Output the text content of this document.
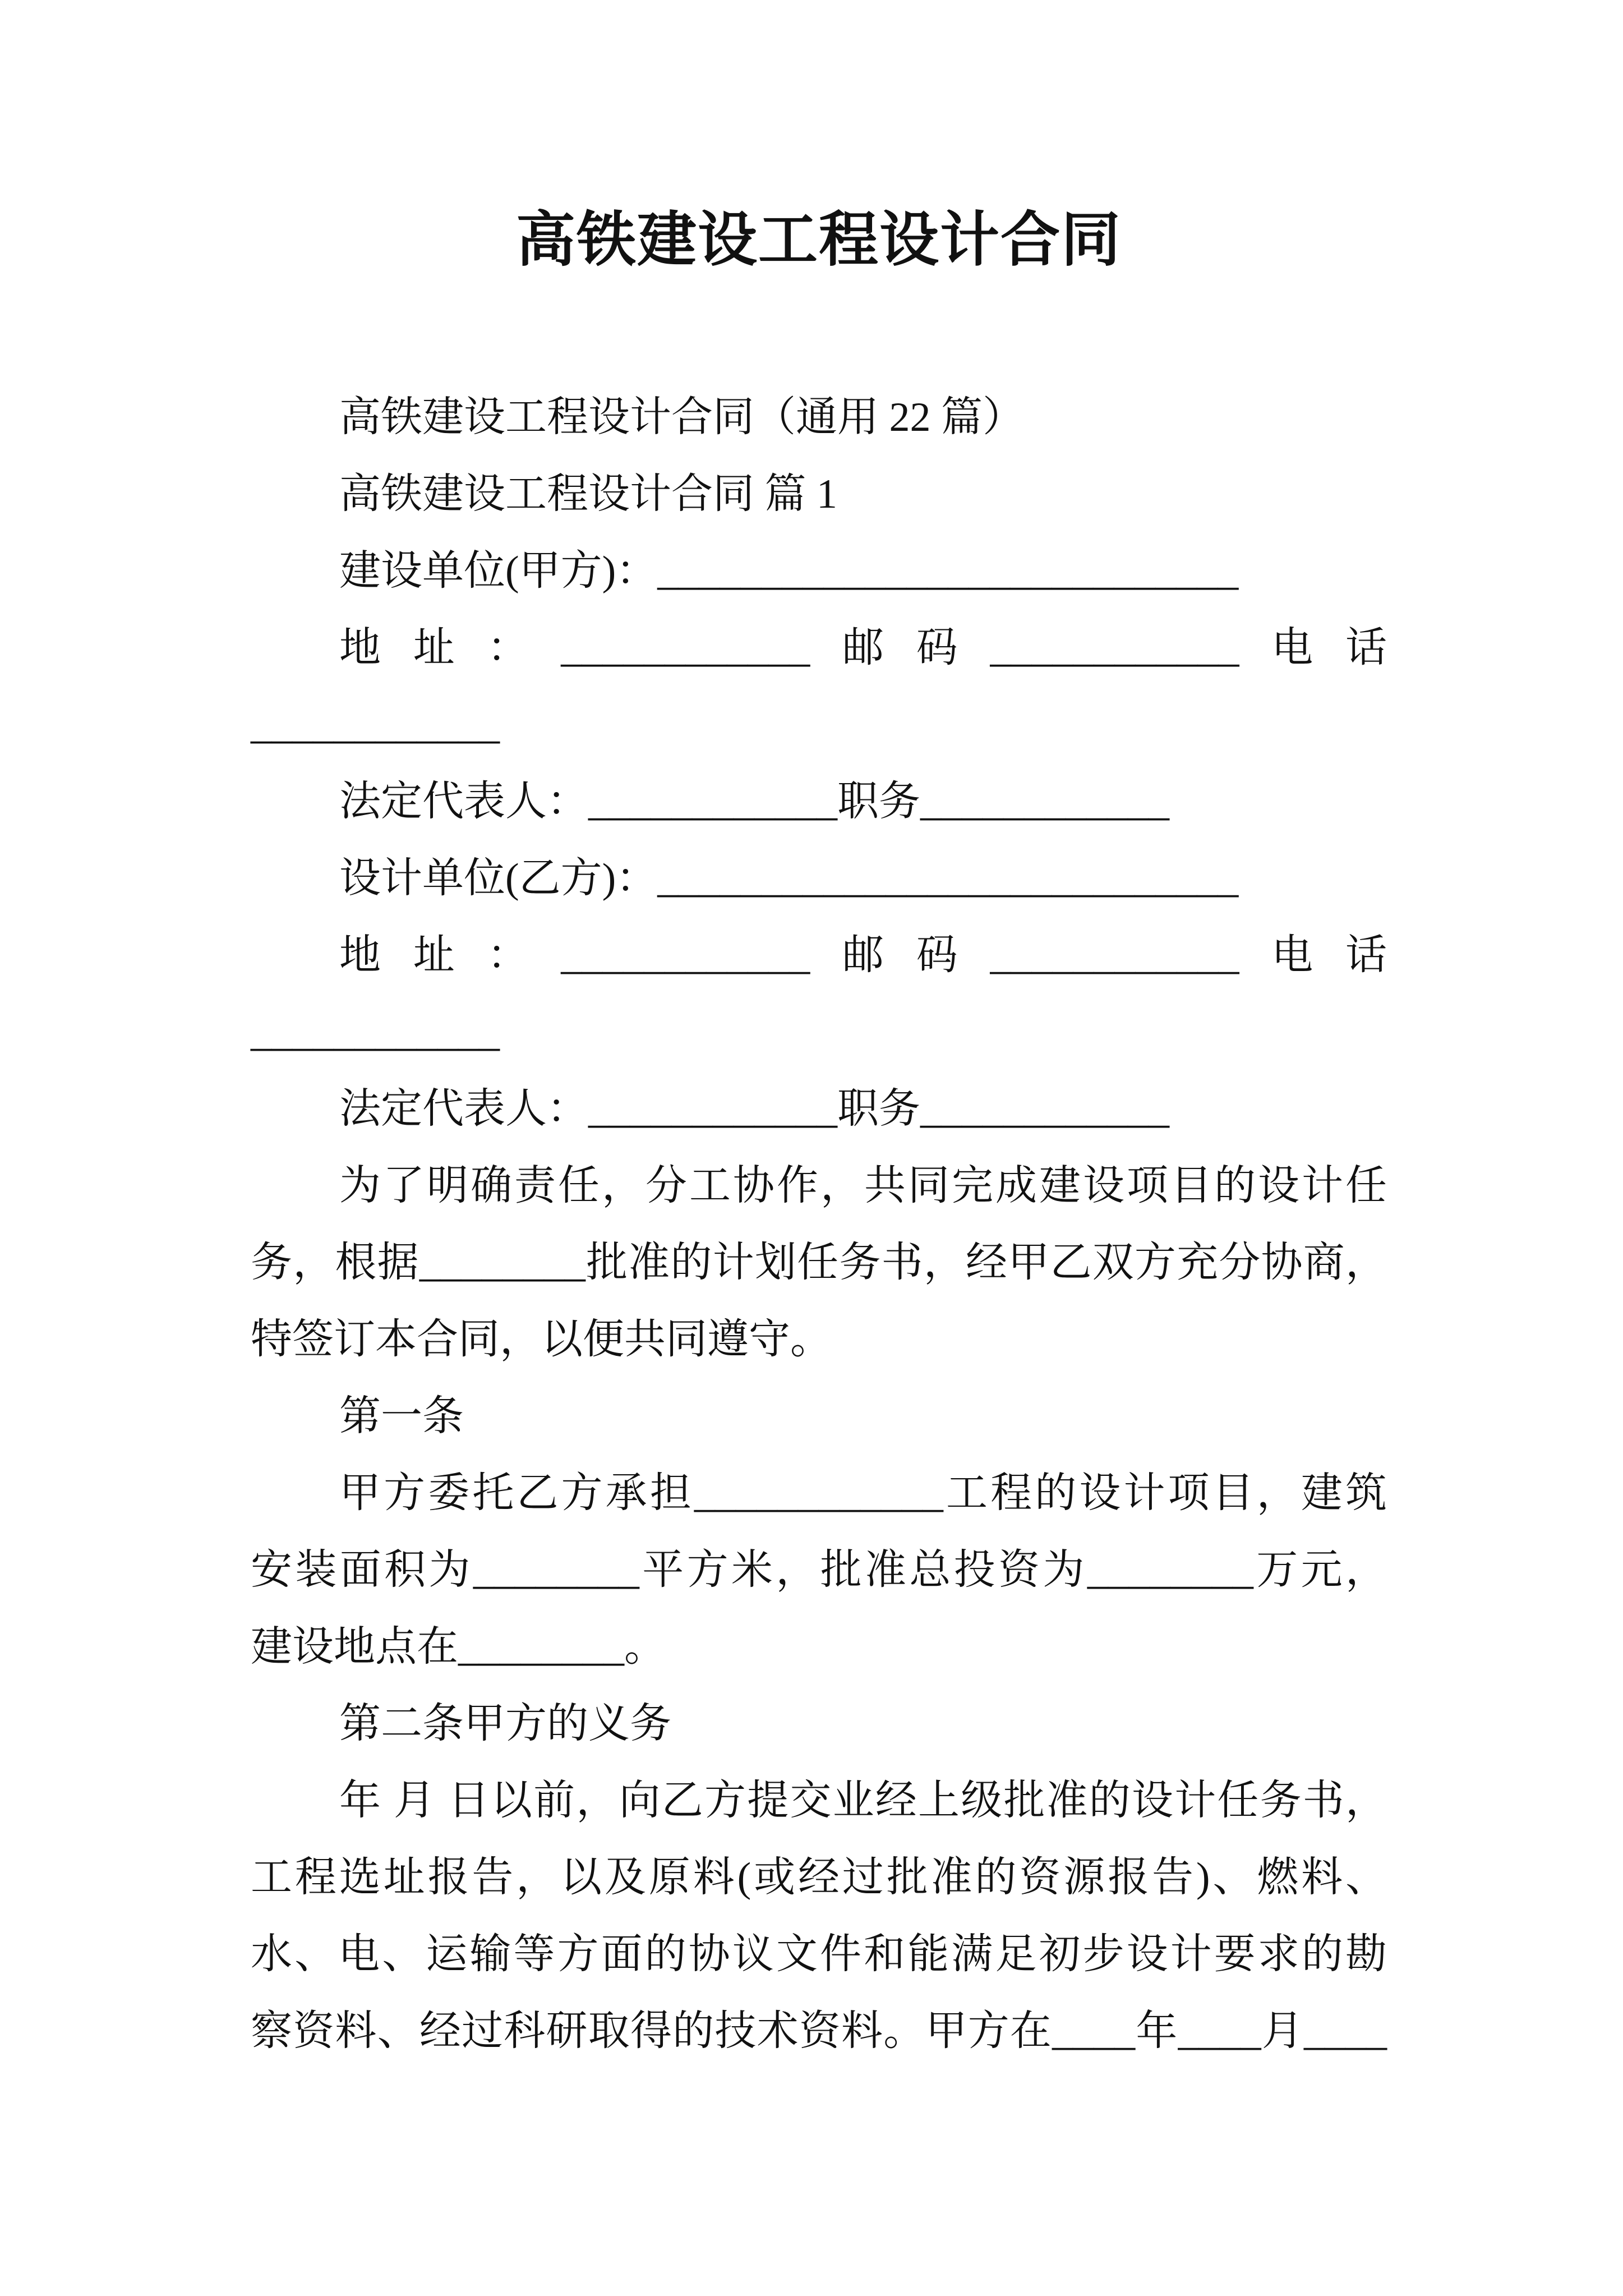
高铁建设工程设计合同
高铁建设工程设计合同（通用 22 篇）
高铁建设工程设计合同 篇 1
建设单位(甲方)：____________________________
地址：____________邮码____________电话
____________
法定代表人：____________职务____________
设计单位(乙方)：____________________________
地址：____________邮码____________电话
____________
法定代表人：____________职务____________
为了明确责任，分工协作，共同完成建设项目的设计任
务，根据________批准的计划任务书，经甲乙双方充分协商，
特签订本合同，以便共同遵守。
第一条
甲方委托乙方承担____________工程的设计项目，建筑
安装面积为________平方米，批准总投资为________万元，
建设地点在________。
第二条甲方的义务
年 月 日以前，向乙方提交业经上级批准的设计任务书，
工程选址报告，以及原料(或经过批准的资源报告)、燃料、
水、电、运输等方面的协议文件和能满足初步设计要求的勘
察资料、经过科研取得的技术资料。甲方在____年____月____
